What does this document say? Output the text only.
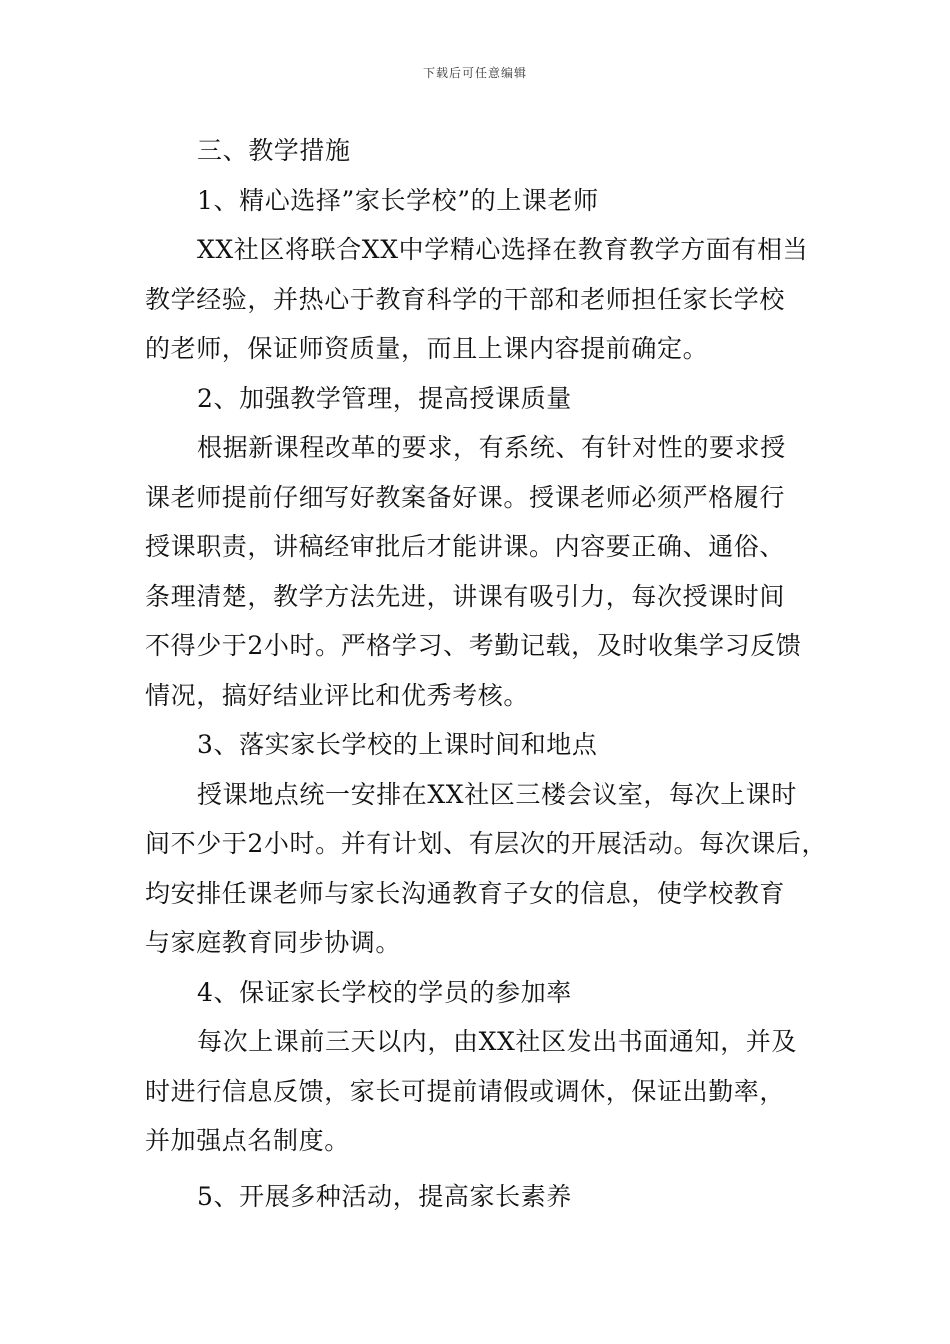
下载后可任意编辑
三、教学措施
1、精心选择”家长学校”的上课老师
XX社区将联合XX中学精心选择在教育教学方面有相当
教学经验，并热心于教育科学的干部和老师担任家长学校
的老师，保证师资质量，而且上课内容提前确定。
2、加强教学管理，提高授课质量
根据新课程改革的要求，有系统、有针对性的要求授
课老师提前仔细写好教案备好课。授课老师必须严格履行
授课职责，讲稿经审批后才能讲课。内容要正确、通俗、
条理清楚，教学方法先进，讲课有吸引力，每次授课时间
不得少于2小时。严格学习、考勤记载，及时收集学习反馈
情况，搞好结业评比和优秀考核。
3、落实家长学校的上课时间和地点
授课地点统一安排在XX社区三楼会议室，每次上课时
间不少于2小时。并有计划、有层次的开展活动。每次课后，
均安排任课老师与家长沟通教育子女的信息，使学校教育
与家庭教育同步协调。
4、保证家长学校的学员的参加率
每次上课前三天以内，由XX社区发出书面通知，并及
时进行信息反馈，家长可提前请假或调休，保证出勤率，
并加强点名制度。
5、开展多种活动，提高家长素养
